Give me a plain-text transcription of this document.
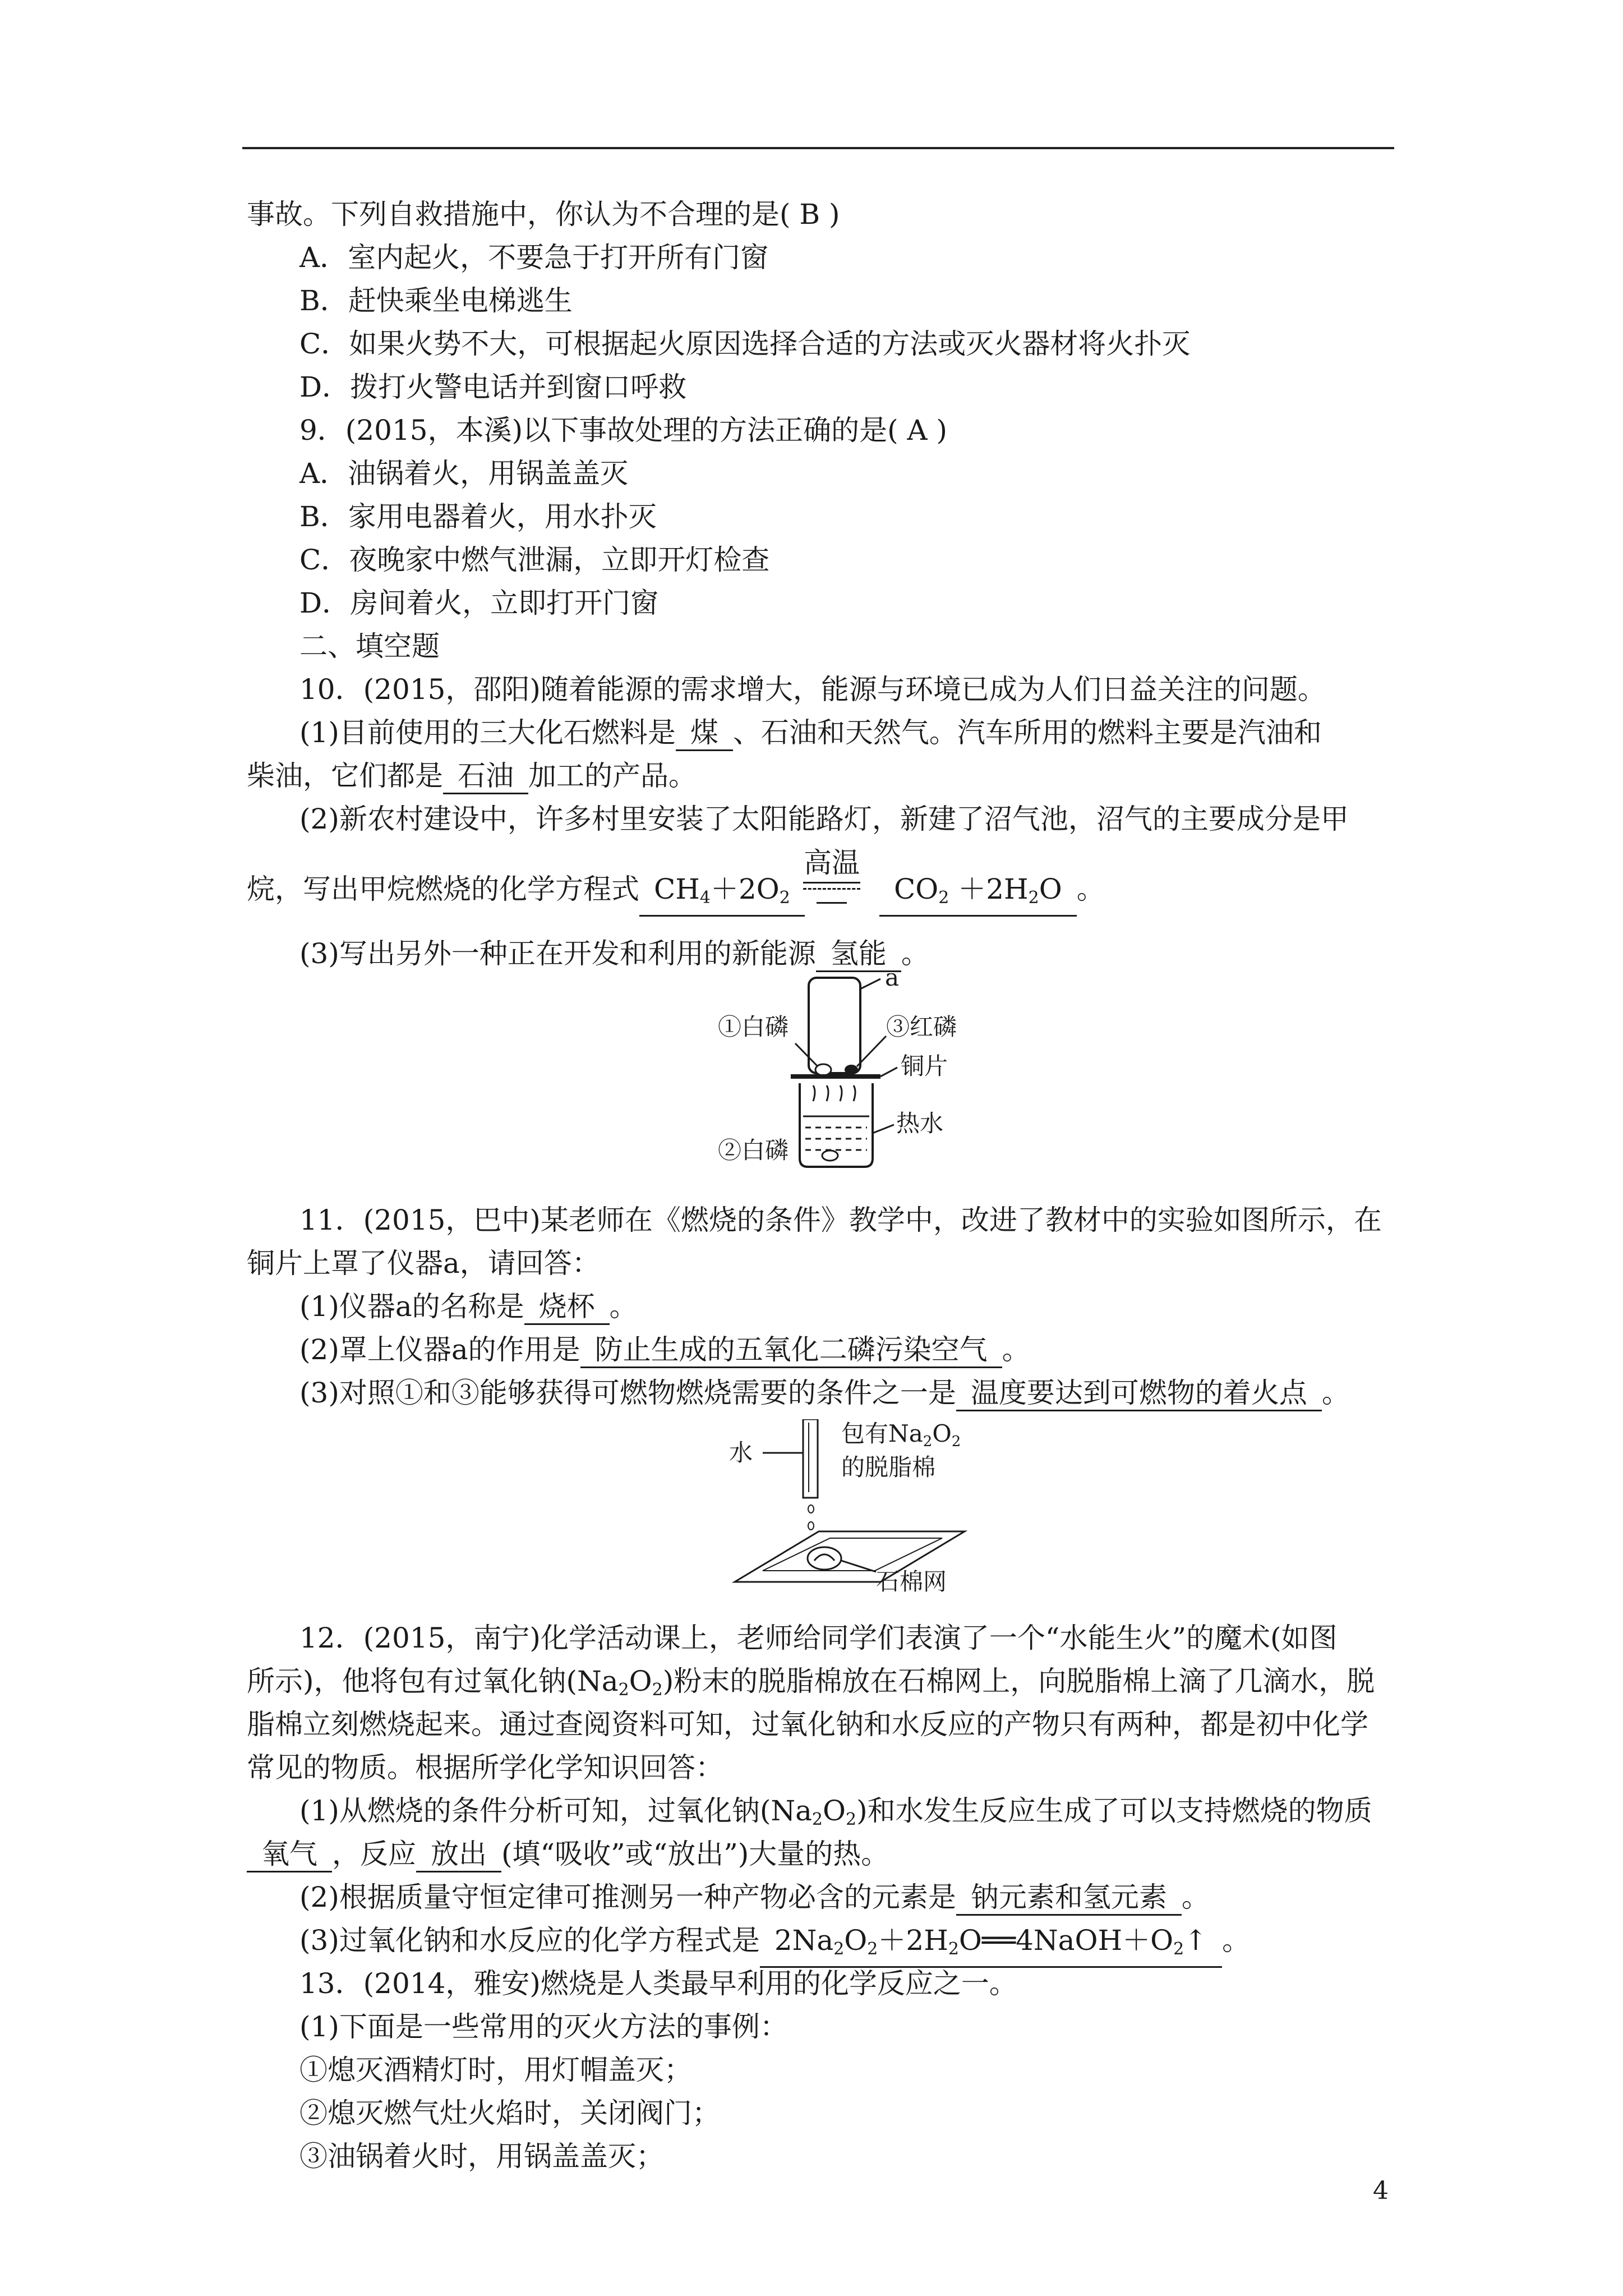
事故。下列自救措施中，你认为不合理的是( B )
A．室内起火，不要急于打开所有门窗
B．赶快乘坐电梯逃生
C．如果火势不大，可根据起火原因选择合适的方法或灭火器材将火扑灭
D．拨打火警电话并到窗口呼救
9．(2015，本溪)以下事故处理的方法正确的是( A )
A．油锅着火，用锅盖盖灭
B．家用电器着火，用水扑灭
C．夜晚家中燃气泄漏，立即开灯检查
D．房间着火，立即打开门窗
二、填空题
10．(2015，邵阳)随着能源的需求增大，能源与环境已成为人们日益关注的问题。
(1)目前使用的三大化石燃料是 煤 、石油和天然气。汽车所用的燃料主要是汽油和
柴油，它们都是 石油 加工的产品。
(2)新农村建设中，许多村里安装了太阳能路灯，新建了沼气池，沼气的主要成分是甲
烷，写出甲烷燃烧的化学方程式 $CH_4+2O_2$
高温
$CO_2 +2H_2O$ 。
(3)写出另外一种正在开发和利用的新能源 氢能 。
a
①白磷	③红磷
铜片
②白磷
热水
11．(2015，巴中)某老师在《燃烧的条件》教学中，改进了教材中的实验如图所示，在
铜片上罩了仪器a，请回答：
(1)仪器a的名称是 烧杯 。
(2)罩上仪器a的作用是 防止生成的五氧化二磷污染空气 。
(3)对照①和③能够获得可燃物燃烧需要的条件之一是 温度要达到可燃物的着火点 。
水
包有Na2O2
的脱脂棉
石棉网
12．(2015，南宁)化学活动课上，老师给同学们表演了一个“水能生火”的魔术(如图
所示)，他将包有过氧化钠$(Na_2O_2)$粉末的脱脂棉放在石棉网上，向脱脂棉上滴了几滴水，脱
脂棉立刻燃烧起来。通过查阅资料可知，过氧化钠和水反应的产物只有两种，都是初中化学
常见的物质。根据所学化学知识回答：
(1)从燃烧的条件分析可知，过氧化钠$(Na_2O_2)$和水发生反应生成了可以支持燃烧的物质
氧气 ，反应 放出 (填“吸收”或“放出”)大量的热。
(2)根据质量守恒定律可推测另一种产物必含的元素是 钠元素和氢元素 。
(3)过氧化钠和水反应的化学方程式是 $2Na_2O_2+2H_2O══4NaOH+O_2↑$ 。
13．(2014，雅安)燃烧是人类最早利用的化学反应之一。
(1)下面是一些常用的灭火方法的事例：
①熄灭酒精灯时，用灯帽盖灭；
②熄灭燃气灶火焰时，关闭阀门；
③油锅着火时，用锅盖盖灭；
4
